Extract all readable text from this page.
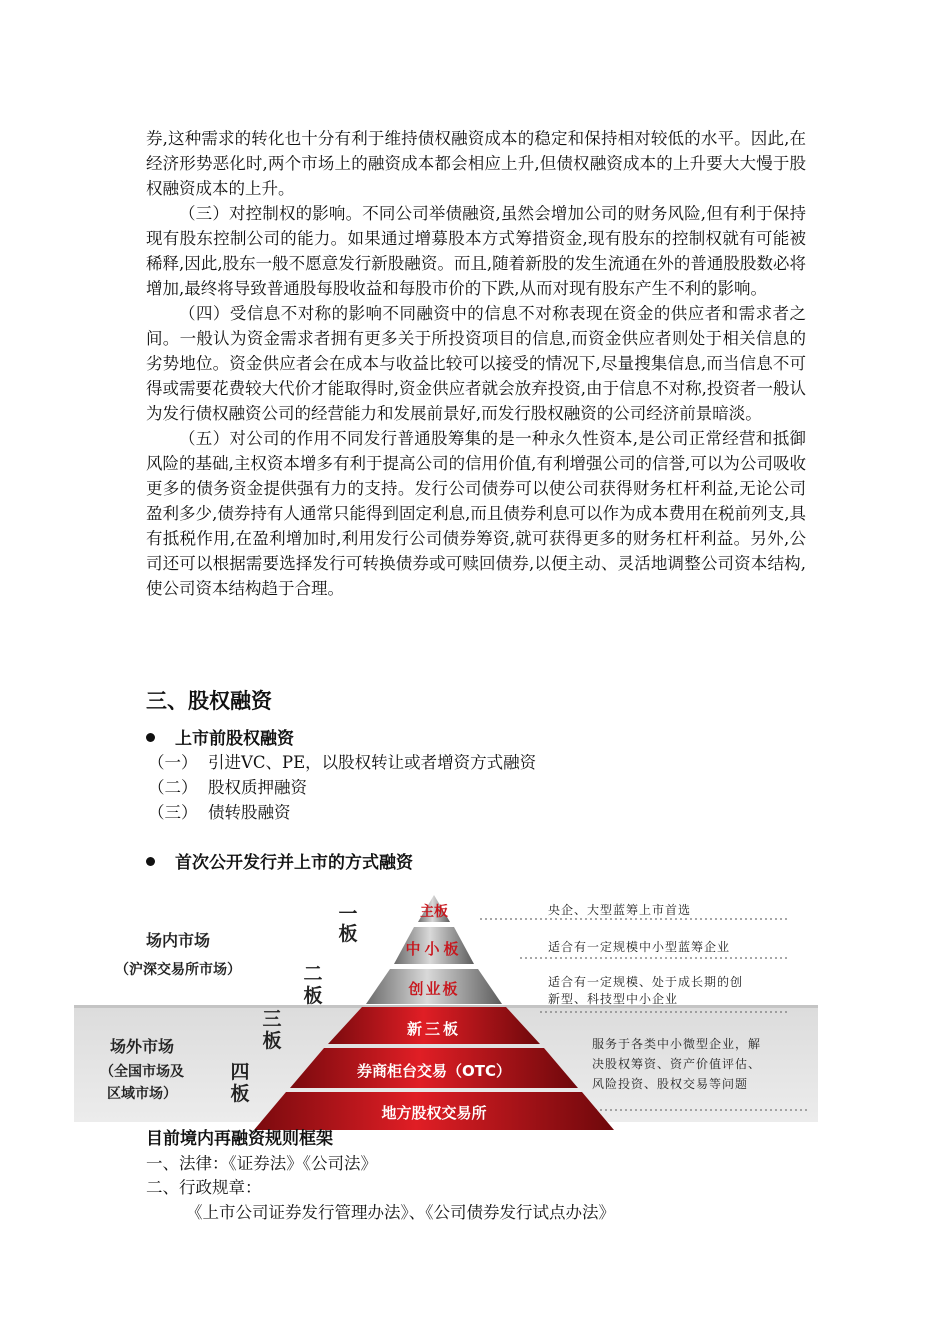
券,这种需求的转化也十分有利于维持债权融资成本的稳定和保持相对较低的水平。因此,在经济形势恶化时,两个市场上的融资成本都会相应上升,但债权融资成本的上升要大大慢于股权融资成本的上升。

（三）对控制权的影响。不同公司举债融资,虽然会增加公司的财务风险,但有利于保持现有股东控制公司的能力。如果通过增募股本方式筹措资金,现有股东的控制权就有可能被稀释,因此,股东一般不愿意发行新股融资。而且,随着新股的发生流通在外的普通股股数必将增加,最终将导致普通股每股收益和每股市价的下跌,从而对现有股东产生不利的影响。

（四）受信息不对称的影响不同融资中的信息不对称表现在资金的供应者和需求者之间。一般认为资金需求者拥有更多关于所投资项目的信息,而资金供应者则处于相关信息的劣势地位。资金供应者会在成本与收益比较可以接受的情况下,尽量搜集信息,而当信息不可得或需要花费较大代价才能取得时,资金供应者就会放弃投资,由于信息不对称,投资者一般认为发行债权融资公司的经营能力和发展前景好,而发行股权融资的公司经济前景暗淡。

（五）对公司的作用不同发行普通股筹集的是一种永久性资本,是公司正常经营和抵御风险的基础,主权资本增多有利于提高公司的信用价值,有利增强公司的信誉,可以为公司吸收更多的债务资金提供强有力的支持。发行公司债券可以使公司获得财务杠杆利益,无论公司盈利多少,债券持有人通常只能得到固定利息,而且债券利息可以作为成本费用在税前列支,具有抵税作用,在盈利增加时,利用发行公司债券筹资,就可获得更多的财务杠杆利益。另外,公司还可以根据需要选择发行可转换债券或可赎回债券,以便主动、灵活地调整公司资本结构,使公司资本结构趋于合理。

三、股权融资
上市前股权融资
（一） 引进VC、PE，以股权转让或者增资方式融资
（二） 股权质押融资
（三） 债转股融资
首次公开发行并上市的方式融资
主板
中小板
创业板
新三板
券商柜台交易（OTC）
地方股权交易所
一
板
二
板
三
板
四
板
场内市场
（沪深交易所市场）
场外市场
（全国市场及
区域市场）
央企、大型蓝筹上市首选
适合有一定规模中小型蓝筹企业
适合有一定规模、处于成长期的创
新型、科技型中小企业
服务于各类中小微型企业，解
决股权筹资、资产价值评估、
风险投资、股权交易等问题
目前境内再融资规则框架
一、法律：《证券法》《公司法》
二、行政规章：
《上市公司证券发行管理办法》、《公司债券发行试点办法》
